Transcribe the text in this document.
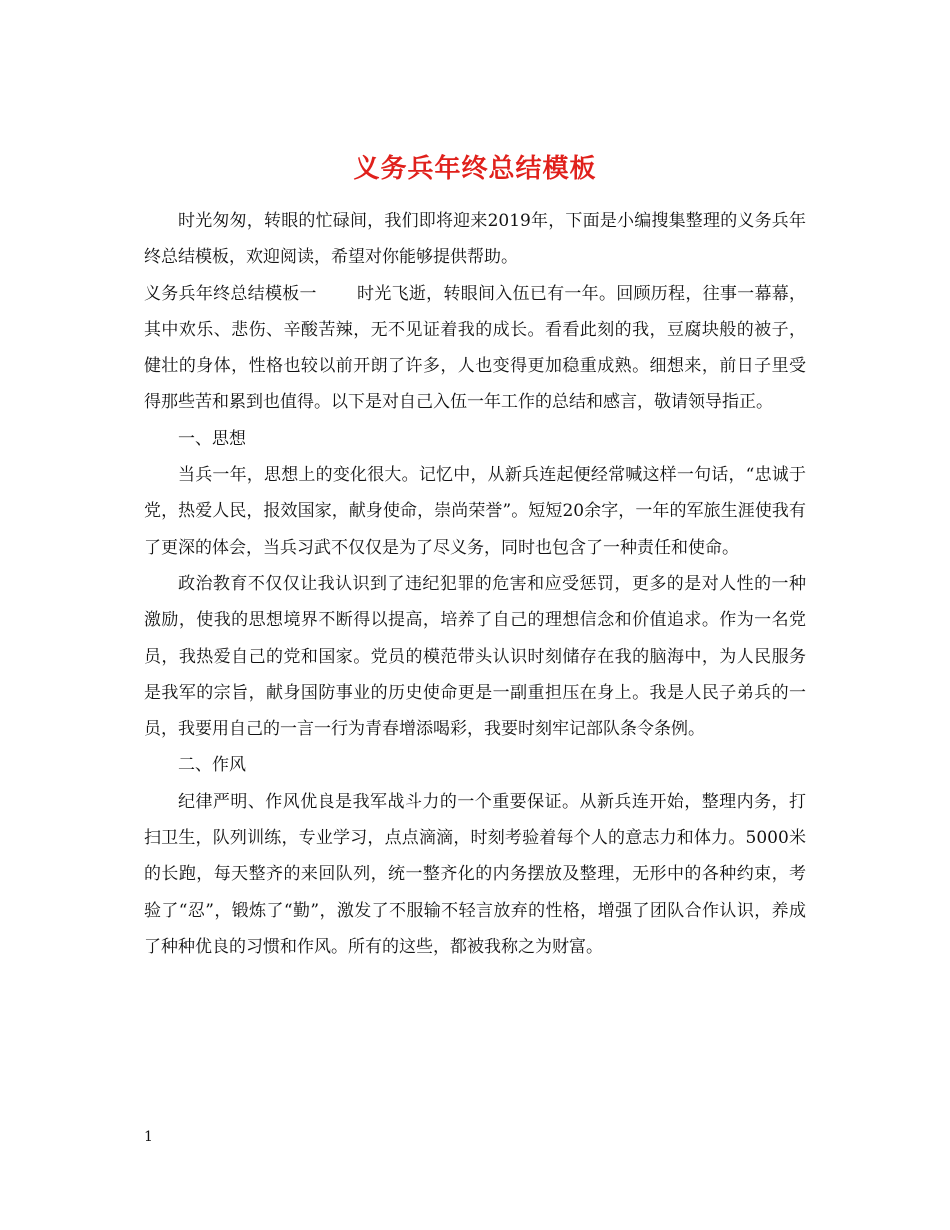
义务兵年终总结模板

时光匆匆，转眼的忙碌间，我们即将迎来2019年，下面是小编搜集整理的义务兵年终总结模板，欢迎阅读，希望对你能够提供帮助。

义务兵年终总结模板一 时光飞逝，转眼间入伍已有一年。回顾历程，往事一幕幕，其中欢乐、悲伤、辛酸苦辣，无不见证着我的成长。看看此刻的我，豆腐块般的被子，健壮的身体，性格也较以前开朗了许多，人也变得更加稳重成熟。细想来，前日子里受得那些苦和累到也值得。以下是对自己入伍一年工作的总结和感言，敬请领导指正。

一、思想

当兵一年，思想上的变化很大。记忆中，从新兵连起便经常喊这样一句话，“忠诚于党，热爱人民，报效国家，献身使命，崇尚荣誉”。短短20余字，一年的军旅生涯使我有了更深的体会，当兵习武不仅仅是为了尽义务，同时也包含了一种责任和使命。

政治教育不仅仅让我认识到了违纪犯罪的危害和应受惩罚，更多的是对人性的一种激励，使我的思想境界不断得以提高，培养了自己的理想信念和价值追求。作为一名党员，我热爱自己的党和国家。党员的模范带头认识时刻储存在我的脑海中，为人民服务是我军的宗旨，献身国防事业的历史使命更是一副重担压在身上。我是人民子弟兵的一员，我要用自己的一言一行为青春增添喝彩，我要时刻牢记部队条令条例。

二、作风

纪律严明、作风优良是我军战斗力的一个重要保证。从新兵连开始，整理内务，打扫卫生，队列训练，专业学习，点点滴滴，时刻考验着每个人的意志力和体力。5000米的长跑，每天整齐的来回队列，统一整齐化的内务摆放及整理，无形中的各种约束，考验了“忍”，锻炼了“勤”，激发了不服输不轻言放弃的性格，增强了团队合作认识，养成了种种优良的习惯和作风。所有的这些，都被我称之为财富。

1
